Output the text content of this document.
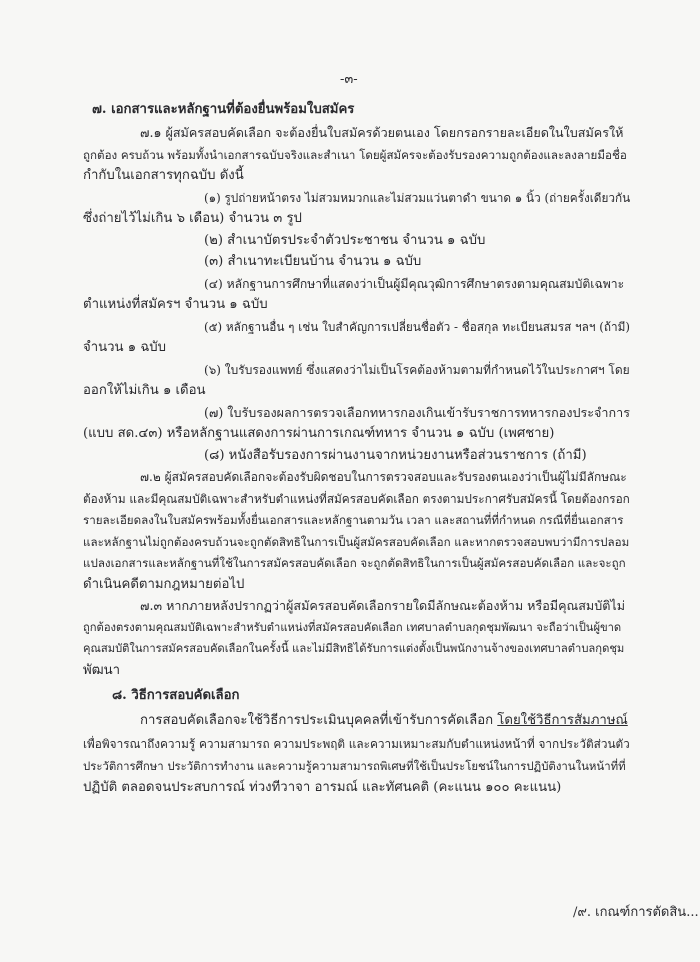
-๓-
๗. เอกสารและหลักฐานที่ต้องยื่นพร้อมใบสมัคร
๗.๑ ผู้สมัครสอบคัดเลือก จะต้องยื่นใบสมัครด้วยตนเอง โดยกรอกรายละเอียดในใบสมัครให้
ถูกต้อง ครบถ้วน พร้อมทั้งนำเอกสารฉบับจริงและสำเนา โดยผู้สมัครจะต้องรับรองความถูกต้องและลงลายมือชื่อ
กำกับในเอกสารทุกฉบับ ดังนี้
(๑) รูปถ่ายหน้าตรง ไม่สวมหมวกและไม่สวมแว่นตาดำ ขนาด ๑ นิ้ว (ถ่ายครั้งเดียวกัน
ซึ่งถ่ายไว้ไม่เกิน ๖ เดือน) จำนวน ๓ รูป
(๒) สำเนาบัตรประจำตัวประชาชน จำนวน ๑ ฉบับ
(๓) สำเนาทะเบียนบ้าน จำนวน ๑ ฉบับ
(๔) หลักฐานการศึกษาที่แสดงว่าเป็นผู้มีคุณวุฒิการศึกษาตรงตามคุณสมบัติเฉพาะ
ตำแหน่งที่สมัครฯ จำนวน ๑ ฉบับ
(๕) หลักฐานอื่น ๆ เช่น ใบสำคัญการเปลี่ยนชื่อตัว - ชื่อสกุล ทะเบียนสมรส ฯลฯ (ถ้ามี)
จำนวน ๑ ฉบับ
(๖) ใบรับรองแพทย์ ซึ่งแสดงว่าไม่เป็นโรคต้องห้ามตามที่กำหนดไว้ในประกาศฯ โดย
ออกให้ไม่เกิน ๑ เดือน
(๗) ใบรับรองผลการตรวจเลือกทหารกองเกินเข้ารับราชการทหารกองประจำการ
(แบบ สด.๔๓) หรือหลักฐานแสดงการผ่านการเกณฑ์ทหาร จำนวน ๑ ฉบับ (เพศชาย)
(๘) หนังสือรับรองการผ่านงานจากหน่วยงานหรือส่วนราชการ (ถ้ามี)
๗.๒ ผู้สมัครสอบคัดเลือกจะต้องรับผิดชอบในการตรวจสอบและรับรองตนเองว่าเป็นผู้ไม่มีลักษณะ
ต้องห้าม และมีคุณสมบัติเฉพาะสำหรับตำแหน่งที่สมัครสอบคัดเลือก ตรงตามประกาศรับสมัครนี้ โดยต้องกรอก
รายละเอียดลงในใบสมัครพร้อมทั้งยื่นเอกสารและหลักฐานตามวัน เวลา และสถานที่ที่กำหนด กรณีที่ยื่นเอกสาร
และหลักฐานไม่ถูกต้องครบถ้วนจะถูกตัดสิทธิในการเป็นผู้สมัครสอบคัดเลือก และหากตรวจสอบพบว่ามีการปลอม
แปลงเอกสารและหลักฐานที่ใช้ในการสมัครสอบคัดเลือก จะถูกตัดสิทธิในการเป็นผู้สมัครสอบคัดเลือก และจะถูก
ดำเนินคดีตามกฎหมายต่อไป
๗.๓ หากภายหลังปรากฏว่าผู้สมัครสอบคัดเลือกรายใดมีลักษณะต้องห้าม หรือมีคุณสมบัติไม่
ถูกต้องตรงตามคุณสมบัติเฉพาะสำหรับตำแหน่งที่สมัครสอบคัดเลือก เทศบาลตำบลกุดชุมพัฒนา จะถือว่าเป็นผู้ขาด
คุณสมบัติในการสมัครสอบคัดเลือกในครั้งนี้ และไม่มีสิทธิได้รับการแต่งตั้งเป็นพนักงานจ้างของเทศบาลตำบลกุดชุม
พัฒนา
๘. วิธีการสอบคัดเลือก
การสอบคัดเลือกจะใช้วิธีการประเมินบุคคลที่เข้ารับการคัดเลือก โดยใช้วิธีการสัมภาษณ์
เพื่อพิจารณาถึงความรู้ ความสามารถ ความประพฤติ และความเหมาะสมกับตำแหน่งหน้าที่ จากประวัติส่วนตัว
ประวัติการศึกษา ประวัติการทำงาน และความรู้ความสามารถพิเศษที่ใช้เป็นประโยชน์ในการปฏิบัติงานในหน้าที่ที่
ปฏิบัติ ตลอดจนประสบการณ์ ท่วงทีวาจา อารมณ์ และทัศนคติ (คะแนน ๑๐๐ คะแนน)
/๙. เกณฑ์การตัดสิน...
